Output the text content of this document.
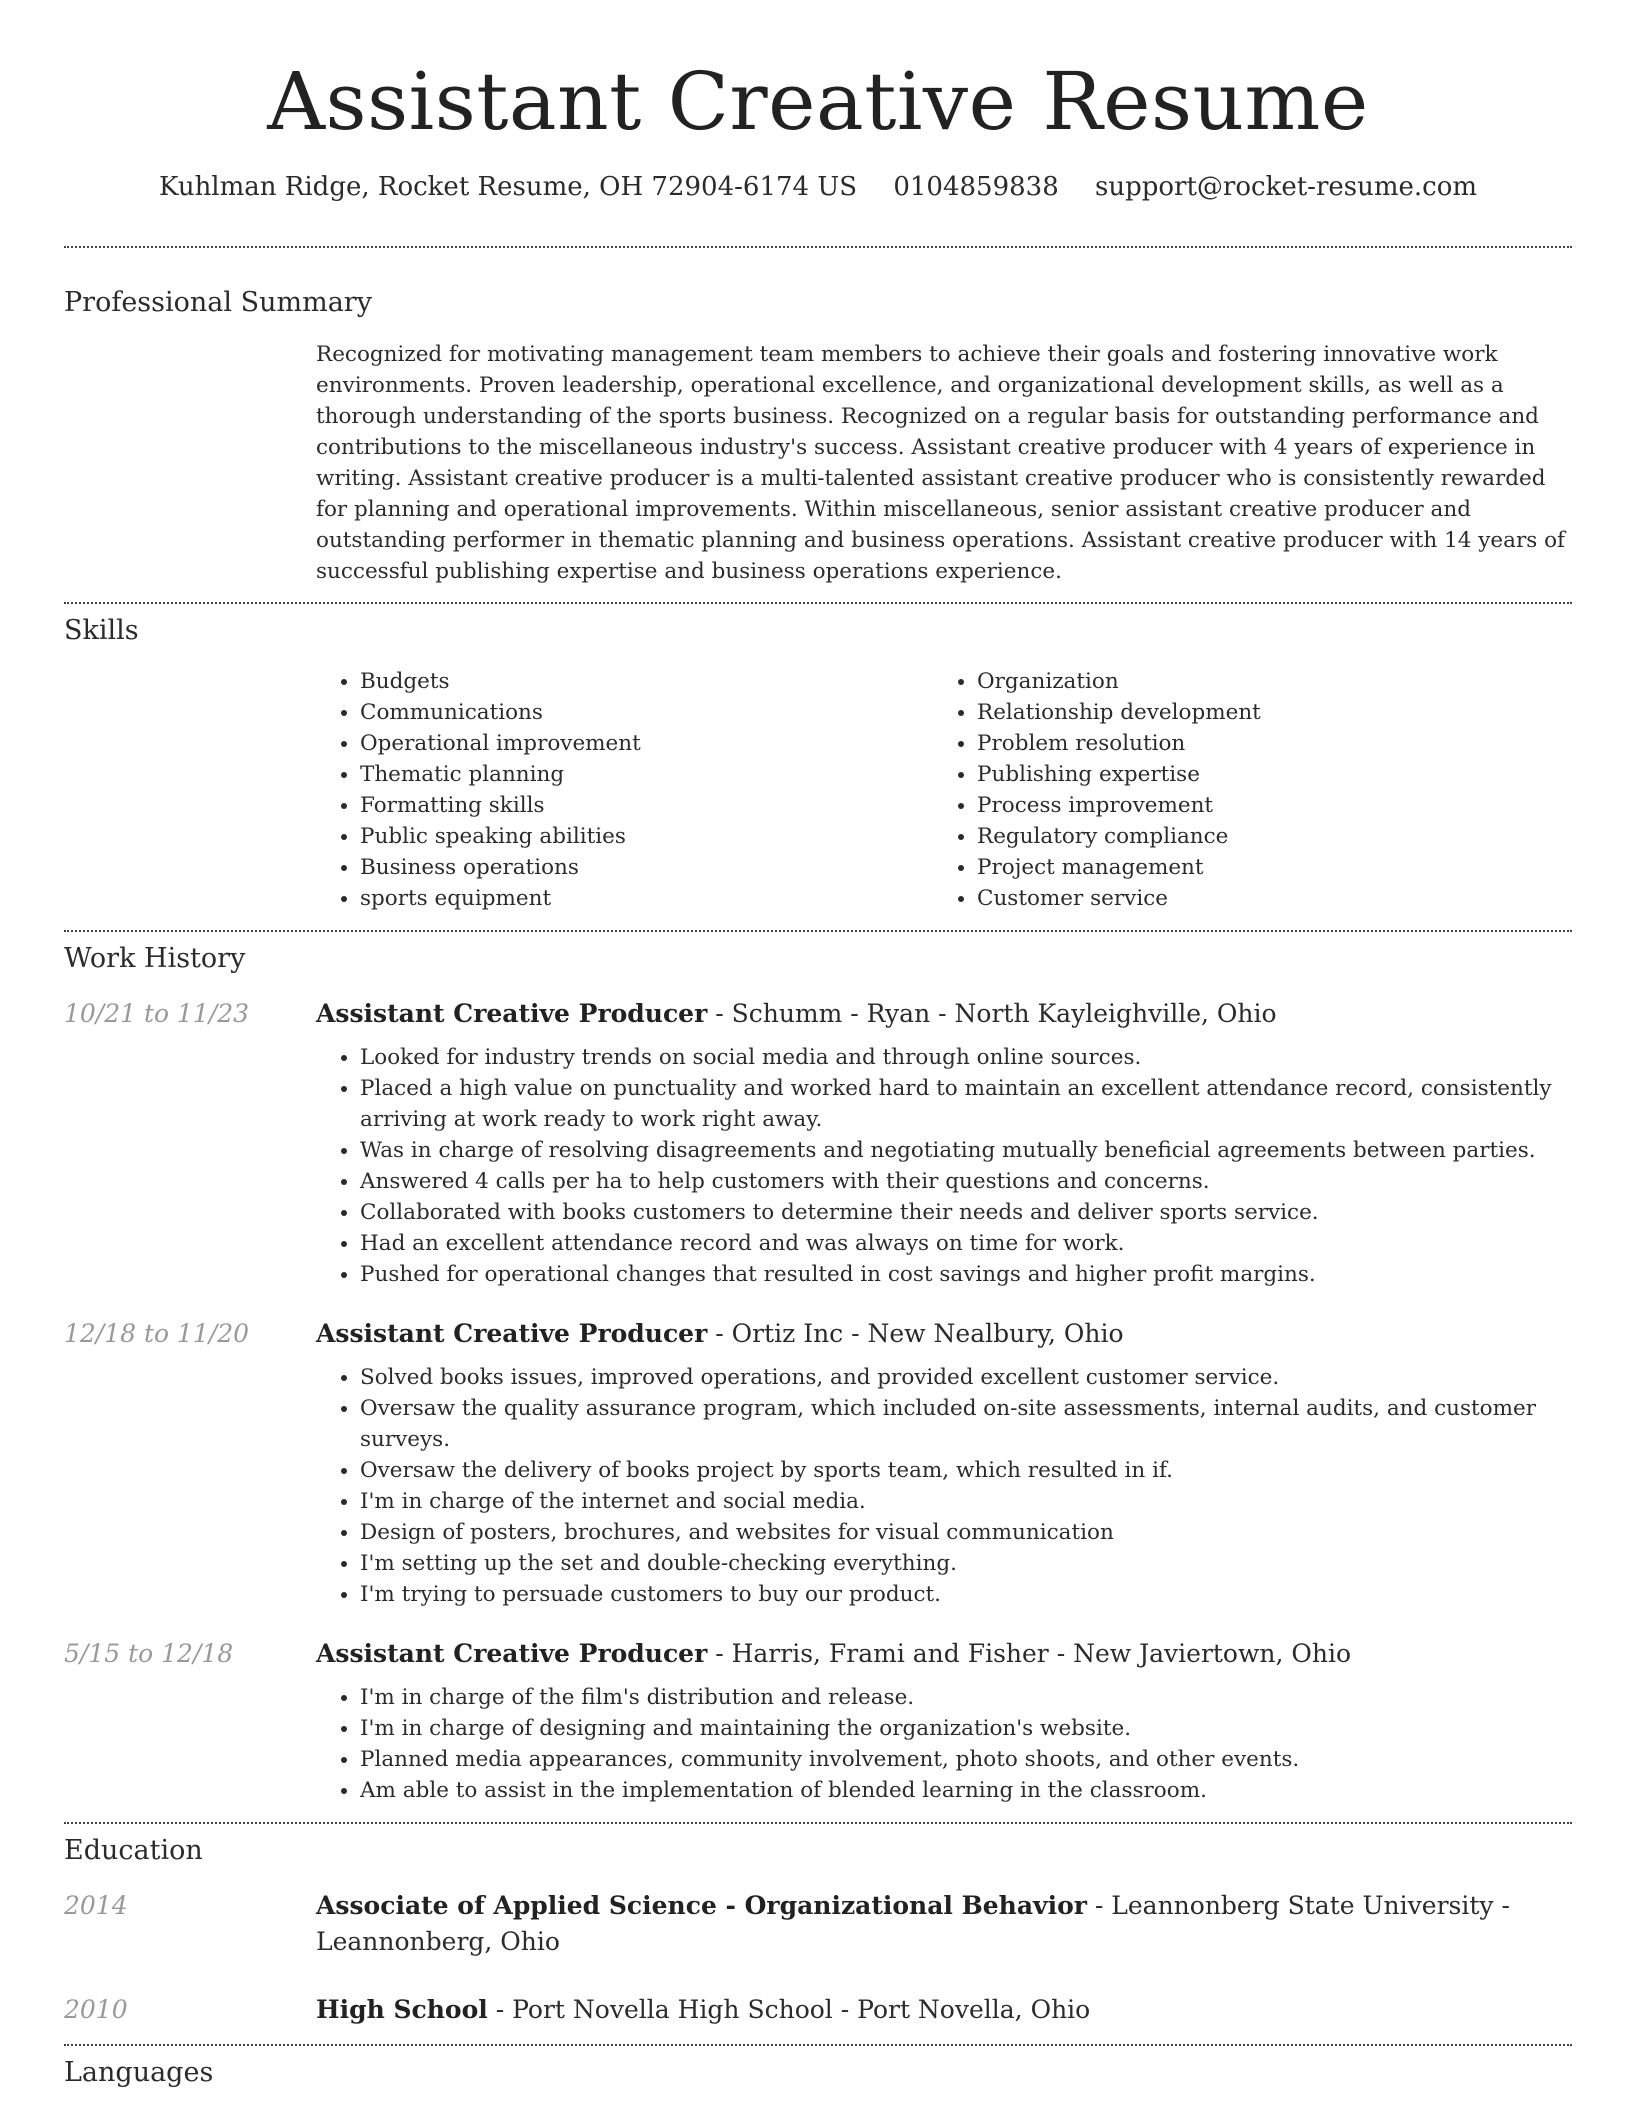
Assistant Creative Resume
Kuhlman Ridge, Rocket Resume, OH 72904-6174 US 0104859838 support@rocket-resume.com
Professional Summary
Recognized for motivating management team members to achieve their goals and fostering innovative work environments. Proven leadership, operational excellence, and organizational development skills, as well as a thorough understanding of the sports business. Recognized on a regular basis for outstanding performance and contributions to the miscellaneous industry's success. Assistant creative producer with 4 years of experience in writing. Assistant creative producer is a multi-talented assistant creative producer who is consistently rewarded for planning and operational improvements. Within miscellaneous, senior assistant creative producer and outstanding performer in thematic planning and business operations. Assistant creative producer with 14 years of successful publishing expertise and business operations experience.
Skills
• Budgets
• Communications
• Operational improvement
• Thematic planning
• Formatting skills
• Public speaking abilities
• Business operations
• sports equipment
• Organization
• Relationship development
• Problem resolution
• Publishing expertise
• Process improvement
• Regulatory compliance
• Project management
• Customer service
Work History
10/21 to 11/23	Assistant Creative Producer - Schumm - Ryan - North Kayleighville, Ohio
• Looked for industry trends on social media and through online sources.
• Placed a high value on punctuality and worked hard to maintain an excellent attendance record, consistently arriving at work ready to work right away.
• Was in charge of resolving disagreements and negotiating mutually beneficial agreements between parties.
• Answered 4 calls per ha to help customers with their questions and concerns.
• Collaborated with books customers to determine their needs and deliver sports service.
• Had an excellent attendance record and was always on time for work.
• Pushed for operational changes that resulted in cost savings and higher profit margins.
12/18 to 11/20	Assistant Creative Producer - Ortiz Inc - New Nealbury, Ohio
• Solved books issues, improved operations, and provided excellent customer service.
• Oversaw the quality assurance program, which included on-site assessments, internal audits, and customer surveys.
• Oversaw the delivery of books project by sports team, which resulted in if.
• I'm in charge of the internet and social media.
• Design of posters, brochures, and websites for visual communication
• I'm setting up the set and double-checking everything.
• I'm trying to persuade customers to buy our product.
5/15 to 12/18	Assistant Creative Producer - Harris, Frami and Fisher - New Javiertown, Ohio
• I'm in charge of the film's distribution and release.
• I'm in charge of designing and maintaining the organization's website.
• Planned media appearances, community involvement, photo shoots, and other events.
• Am able to assist in the implementation of blended learning in the classroom.
Education
2014	Associate of Applied Science - Organizational Behavior - Leannonberg State University - Leannonberg, Ohio
2010	High School - Port Novella High School - Port Novella, Ohio
Languages
